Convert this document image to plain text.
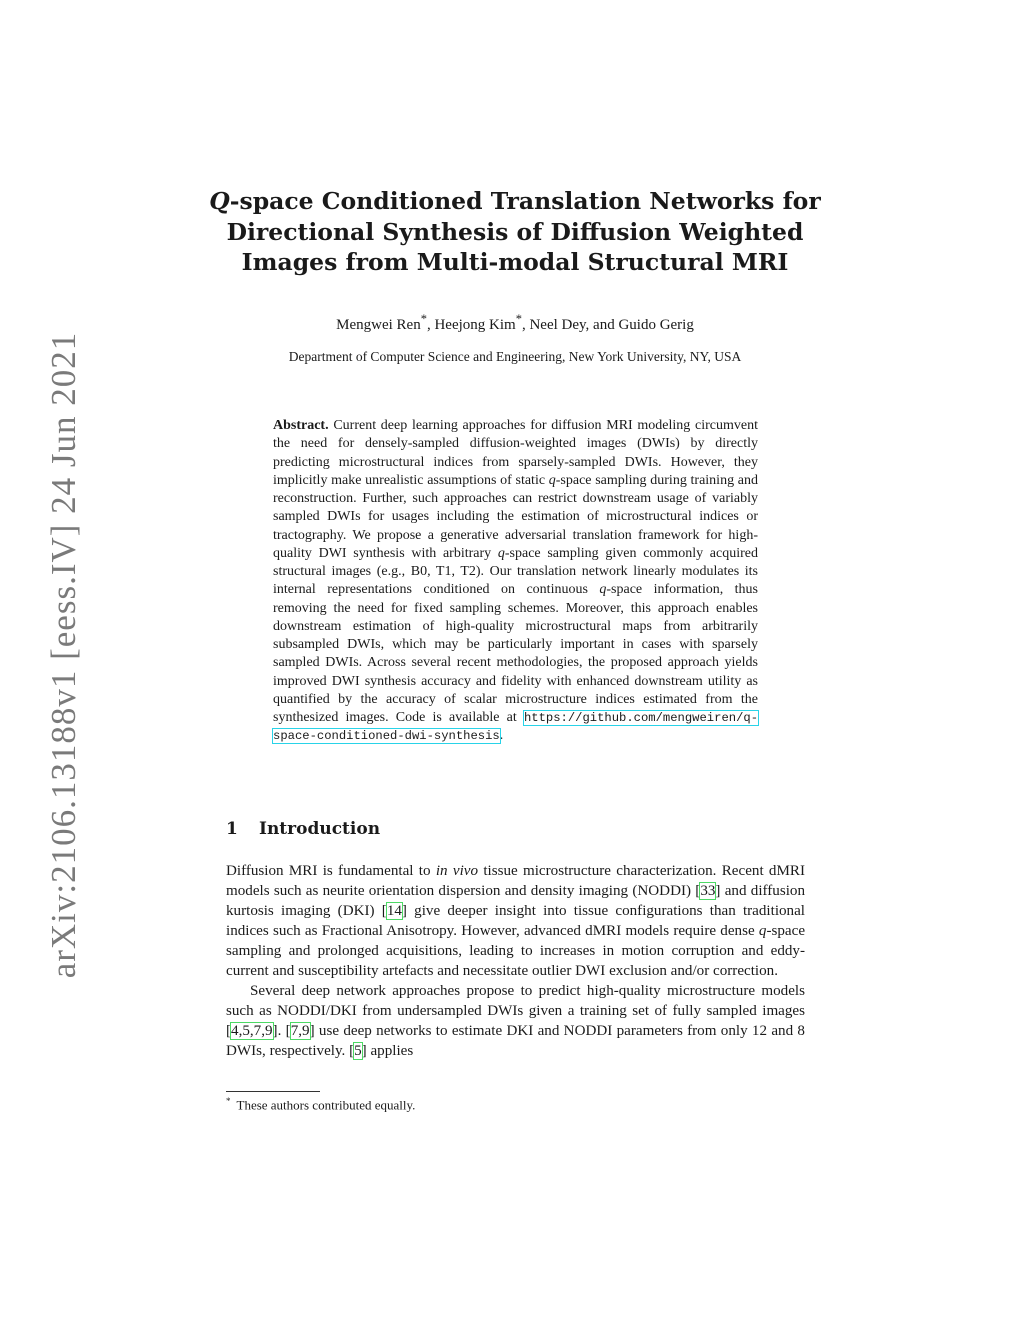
arXiv:2106.13188v1 [eess.IV] 24 Jun 2021
Q-space Conditioned Translation Networks for
Directional Synthesis of Diffusion Weighted
Images from Multi-modal Structural MRI
Mengwei Ren*, Heejong Kim*, Neel Dey, and Guido Gerig
Department of Computer Science and Engineering, New York University, NY, USA
Abstract. Current deep learning approaches for diffusion MRI modeling circumvent the need for densely-sampled diffusion-weighted images (DWIs) by directly predicting microstructural indices from sparsely-sampled DWIs. However, they implicitly make unrealistic assumptions of static q-space sampling during training and reconstruction. Further, such approaches can restrict downstream usage of variably sampled DWIs for usages including the estimation of microstructural indices or tractography. We propose a generative adversarial translation framework for high-quality DWI synthesis with arbitrary q-space sampling given commonly acquired structural images (e.g., B0, T1, T2). Our translation network linearly modulates its internal representations conditioned on continuous q-space information, thus removing the need for fixed sampling schemes. Moreover, this approach enables downstream estimation of high-quality microstructural maps from arbitrarily subsampled DWIs, which may be particularly important in cases with sparsely sampled DWIs. Across several recent methodologies, the proposed approach yields improved DWI synthesis accuracy and fidelity with enhanced downstream utility as quantified by the accuracy of scalar microstructure indices estimated from the synthesized images. Code is available at https://github.com/mengweiren/q-space-conditioned-dwi-synthesis.
1 Introduction

Diffusion MRI is fundamental to in vivo tissue microstructure characterization. Recent dMRI models such as neurite orientation dispersion and density imaging (NODDI) [33] and diffusion kurtosis imaging (DKI) [14] give deeper insight into tissue configurations than traditional indices such as Fractional Anisotropy. However, advanced dMRI models require dense q-space sampling and prolonged acquisitions, leading to increases in motion corruption and eddy-current and susceptibility artefacts and necessitate outlier DWI exclusion and/or correction.

Several deep network approaches propose to predict high-quality microstructure models such as NODDI/DKI from undersampled DWIs given a training set of fully sampled images [4,5,7,9]. [7,9] use deep networks to estimate DKI and NODDI parameters from only 12 and 8 DWIs, respectively. [5] applies

* These authors contributed equally.
